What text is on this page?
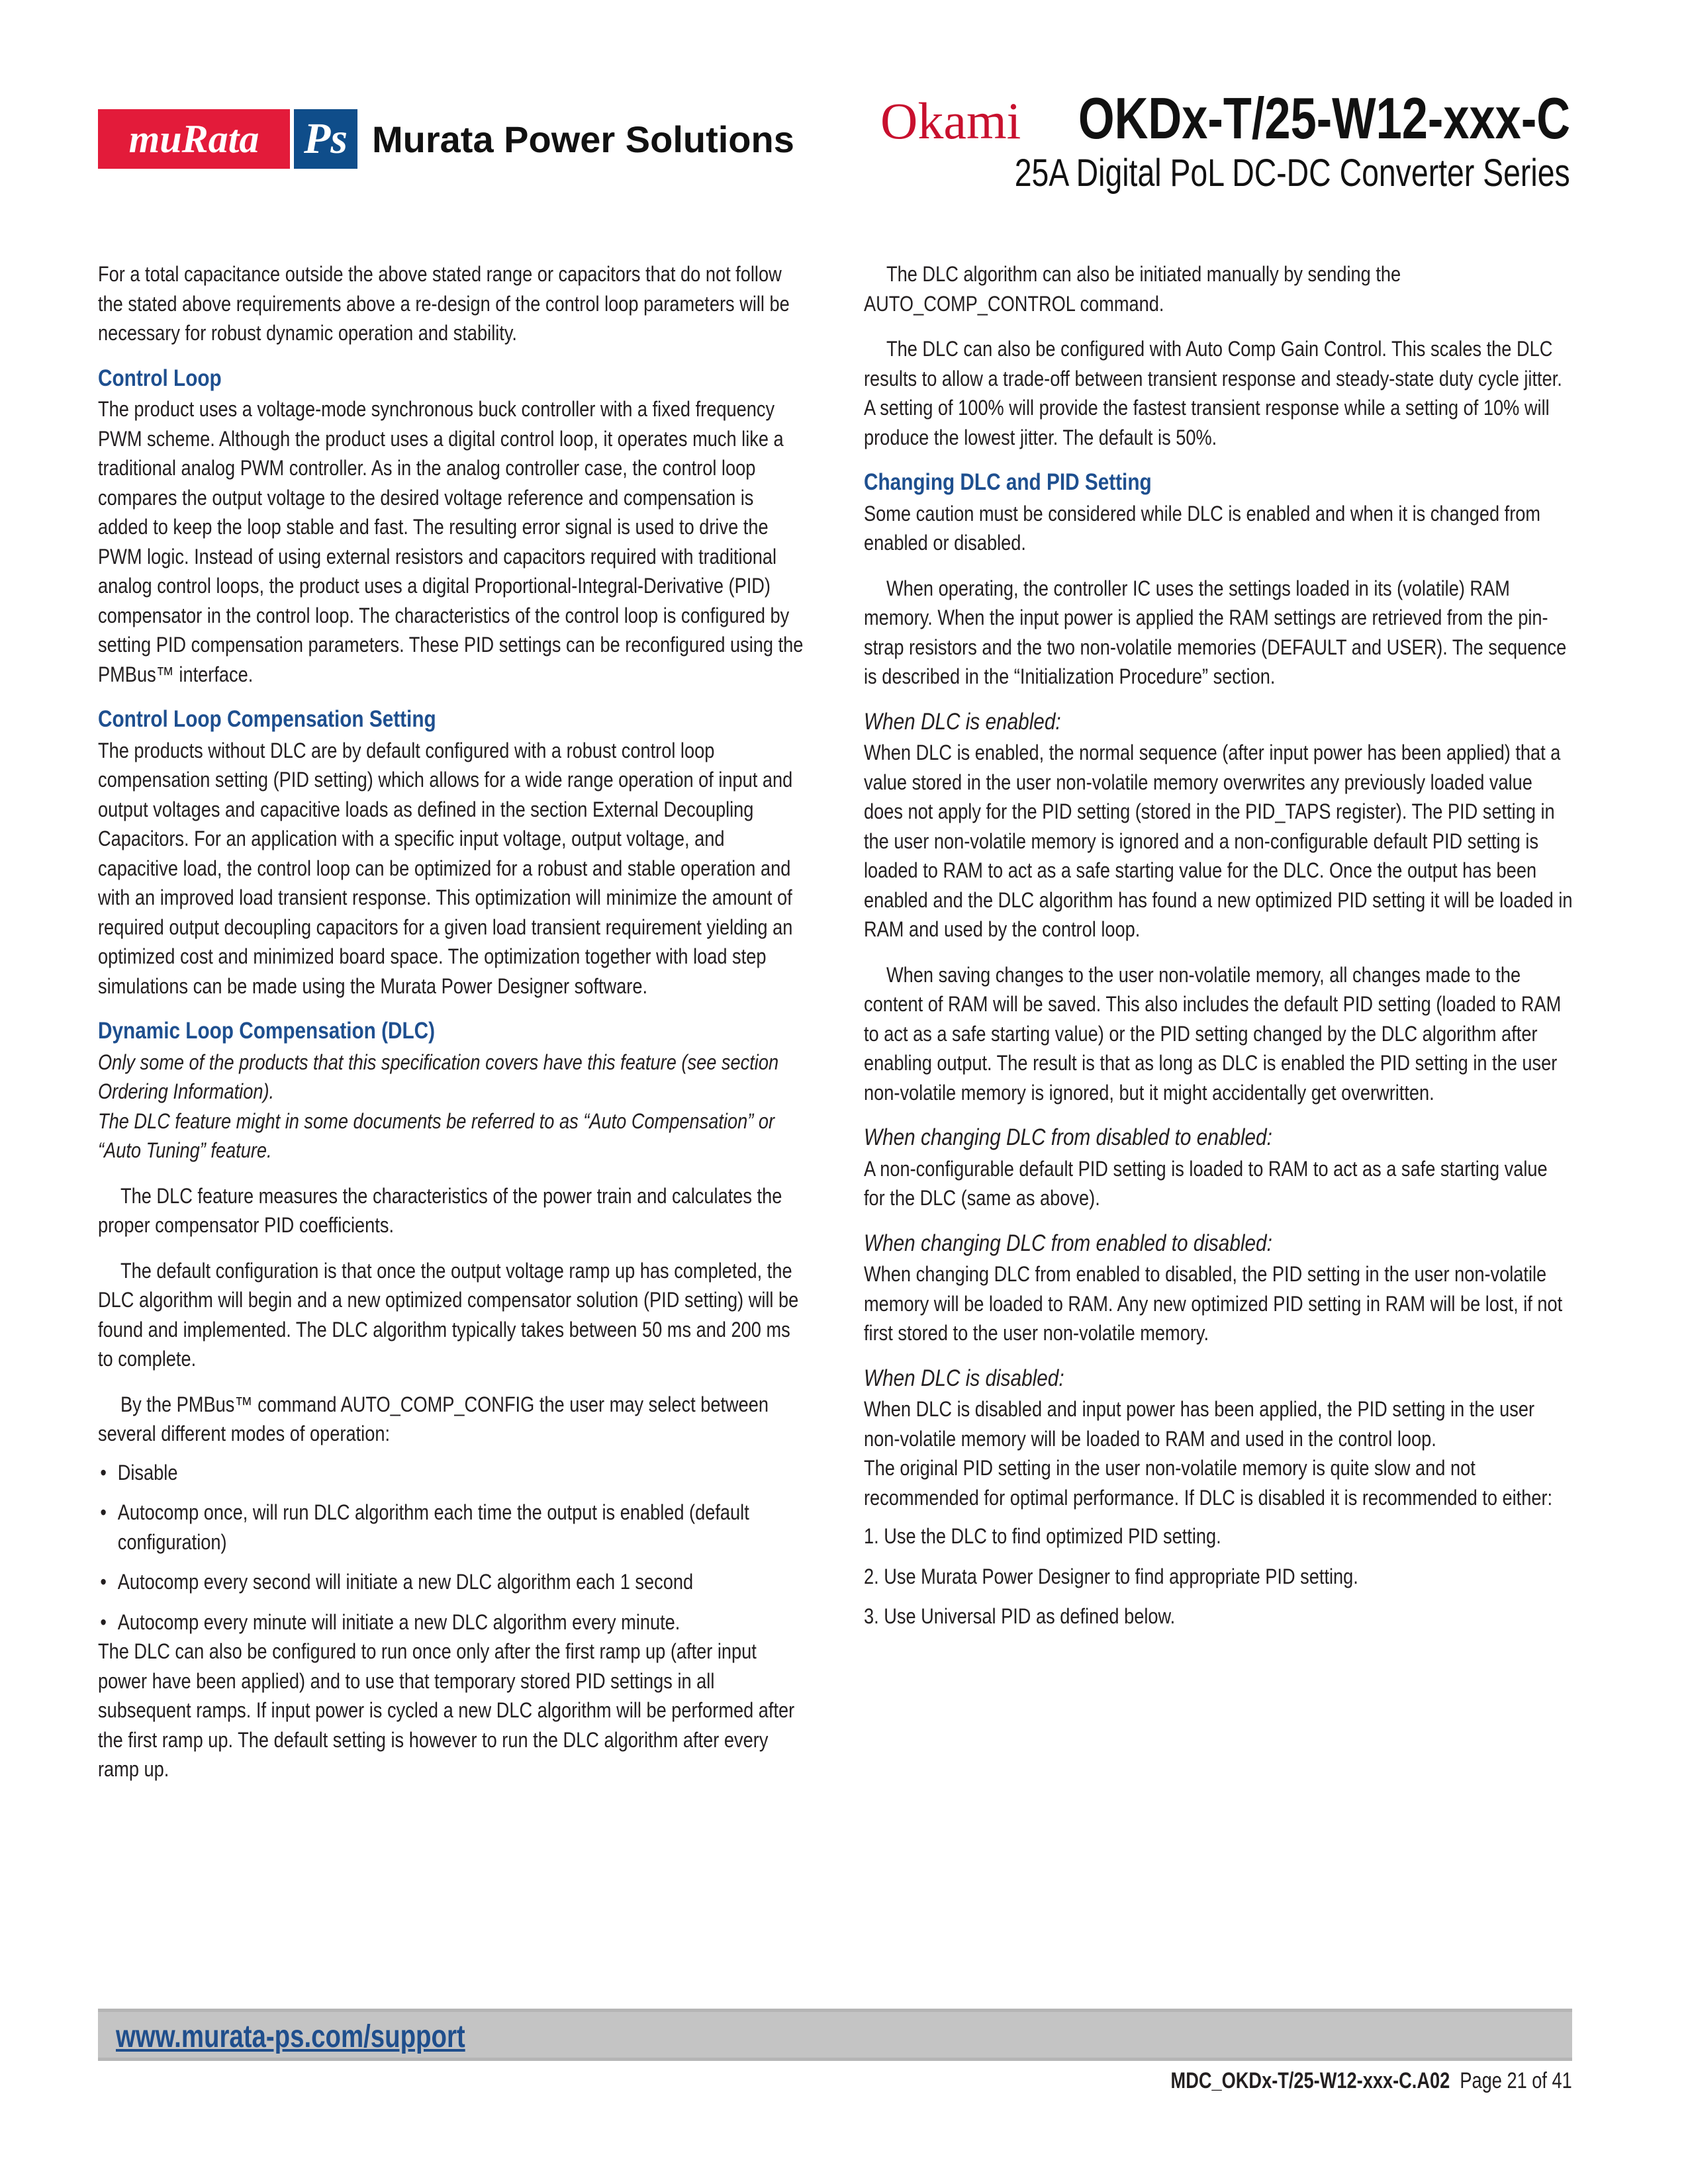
muRata	Ps Murata Power Solutions Okami OKDx-T/25-W12-xxx-C
25A Digital PoL DC-DC Converter Series

For a total capacitance outside the above stated range or capacitors that do not follow the stated above requirements above a re-design of the control loop parameters will be necessary for robust dynamic operation and stability.

Control Loop

The product uses a voltage-mode synchronous buck controller with a fixed frequency PWM scheme. Although the product uses a digital control loop, it operates much like a traditional analog PWM controller. As in the analog controller case, the control loop compares the output voltage to the desired voltage reference and compensation is added to keep the loop stable and fast. The resulting error signal is used to drive the PWM logic. Instead of using external resistors and capacitors required with traditional analog control loops, the product uses a digital Proportional-Integral-Derivative (PID) compensator in the control loop. The characteristics of the control loop is configured by setting PID compensation parameters. These PID settings can be reconfigured using the PMBus™ interface.

Control Loop Compensation Setting

The products without DLC are by default configured with a robust control loop compensation setting (PID setting) which allows for a wide range operation of input and output voltages and capacitive loads as defined in the section External Decoupling Capacitors. For an application with a specific input voltage, output voltage, and capacitive load, the control loop can be optimized for a robust and stable operation and with an improved load transient response. This optimization will minimize the amount of required output decoupling capacitors for a given load transient requirement yielding an optimized cost and minimized board space. The optimization together with load step simulations can be made using the Murata Power Designer software.

Dynamic Loop Compensation (DLC)

Only some of the products that this specification covers have this feature (see section Ordering Information).

The DLC feature might in some documents be referred to as “Auto Compensation” or “Auto Tuning” feature.

The DLC feature measures the characteristics of the power train and calculates the proper compensator PID coefficients.

The default configuration is that once the output voltage ramp up has completed, the DLC algorithm will begin and a new optimized compensator solution (PID setting) will be found and implemented. The DLC algorithm typically takes between 50 ms and 200 ms to complete.

By the PMBus™ command AUTO_COMP_CONFIG the user may select between several different modes of operation:

• Disable
• Autocomp once, will run DLC algorithm each time the output is enabled (default configuration)
• Autocomp every second will initiate a new DLC algorithm each 1 second
• Autocomp every minute will initiate a new DLC algorithm every minute.

The DLC can also be configured to run once only after the first ramp up (after input power have been applied) and to use that temporary stored PID settings in all subsequent ramps. If input power is cycled a new DLC algorithm will be performed after the first ramp up. The default setting is however to run the DLC algorithm after every ramp up.

The DLC algorithm can also be initiated manually by sending the AUTO_COMP_CONTROL command.

The DLC can also be configured with Auto Comp Gain Control. This scales the DLC results to allow a trade-off between transient response and steady-state duty cycle jitter. A setting of 100% will provide the fastest transient response while a setting of 10% will produce the lowest jitter. The default is 50%.

Changing DLC and PID Setting

Some caution must be considered while DLC is enabled and when it is changed from enabled or disabled.

When operating, the controller IC uses the settings loaded in its (volatile) RAM memory. When the input power is applied the RAM settings are retrieved from the pin-strap resistors and the two non-volatile memories (DEFAULT and USER). The sequence is described in the “Initialization Procedure” section.

When DLC is enabled:

When DLC is enabled, the normal sequence (after input power has been applied) that a value stored in the user non-volatile memory overwrites any previously loaded value does not apply for the PID setting (stored in the PID_TAPS register). The PID setting in the user non-volatile memory is ignored and a non-configurable default PID setting is loaded to RAM to act as a safe starting value for the DLC. Once the output has been enabled and the DLC algorithm has found a new optimized PID setting it will be loaded in RAM and used by the control loop.

When saving changes to the user non-volatile memory, all changes made to the content of RAM will be saved. This also includes the default PID setting (loaded to RAM to act as a safe starting value) or the PID setting changed by the DLC algorithm after enabling output. The result is that as long as DLC is enabled the PID setting in the user non-volatile memory is ignored, but it might accidentally get overwritten.

When changing DLC from disabled to enabled:

A non-configurable default PID setting is loaded to RAM to act as a safe starting value for the DLC (same as above).

When changing DLC from enabled to disabled:

When changing DLC from enabled to disabled, the PID setting in the user non-volatile memory will be loaded to RAM. Any new optimized PID setting in RAM will be lost, if not first stored to the user non-volatile memory.

When DLC is disabled:

When DLC is disabled and input power has been applied, the PID setting in the user non-volatile memory will be loaded to RAM and used in the control loop.

The original PID setting in the user non-volatile memory is quite slow and not recommended for optimal performance. If DLC is disabled it is recommended to either:

1. Use the DLC to find optimized PID setting.
2. Use Murata Power Designer to find appropriate PID setting.
3. Use Universal PID as defined below.
www.murata-ps.com/support
MDC_OKDx-T/25-W12-xxx-C.A02 Page 21 of 41
